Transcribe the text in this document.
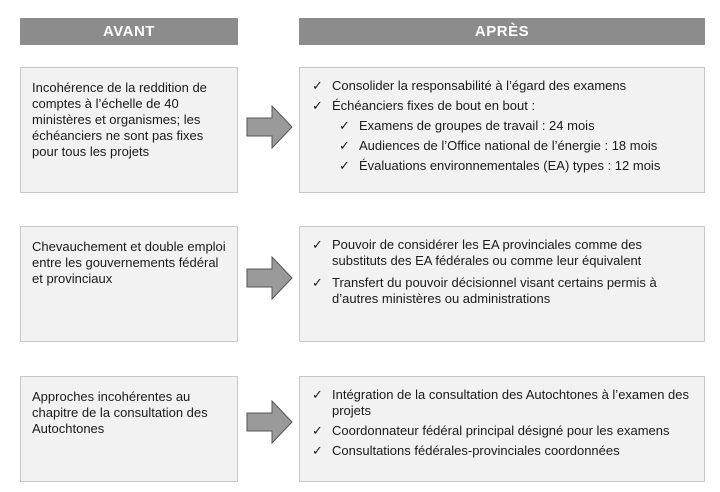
AVANT	APRÈS
Incohérence de la reddition de comptes à l’échelle de 40 ministères et organismes; les échéanciers ne sont pas fixes pour tous les projets
✓ Consolider la responsabilité à l’égard des examens
✓ Échéanciers fixes de bout en bout :
✓ Examens de groupes de travail : 24 mois
✓ Audiences de l’Office national de l’énergie : 18 mois
✓ Évaluations environnementales (EA) types : 12 mois
Chevauchement et double emploi entre les gouvernements fédéral et provinciaux
✓ Pouvoir de considérer les EA provinciales comme des substituts des EA fédérales ou comme leur équivalent
✓ Transfert du pouvoir décisionnel visant certains permis à d’autres ministères ou administrations
Approches incohérentes au chapitre de la consultation des Autochtones
✓ Intégration de la consultation des Autochtones à l’examen des projets
✓ Coordonnateur fédéral principal désigné pour les examens
✓ Consultations fédérales-provinciales coordonnées
